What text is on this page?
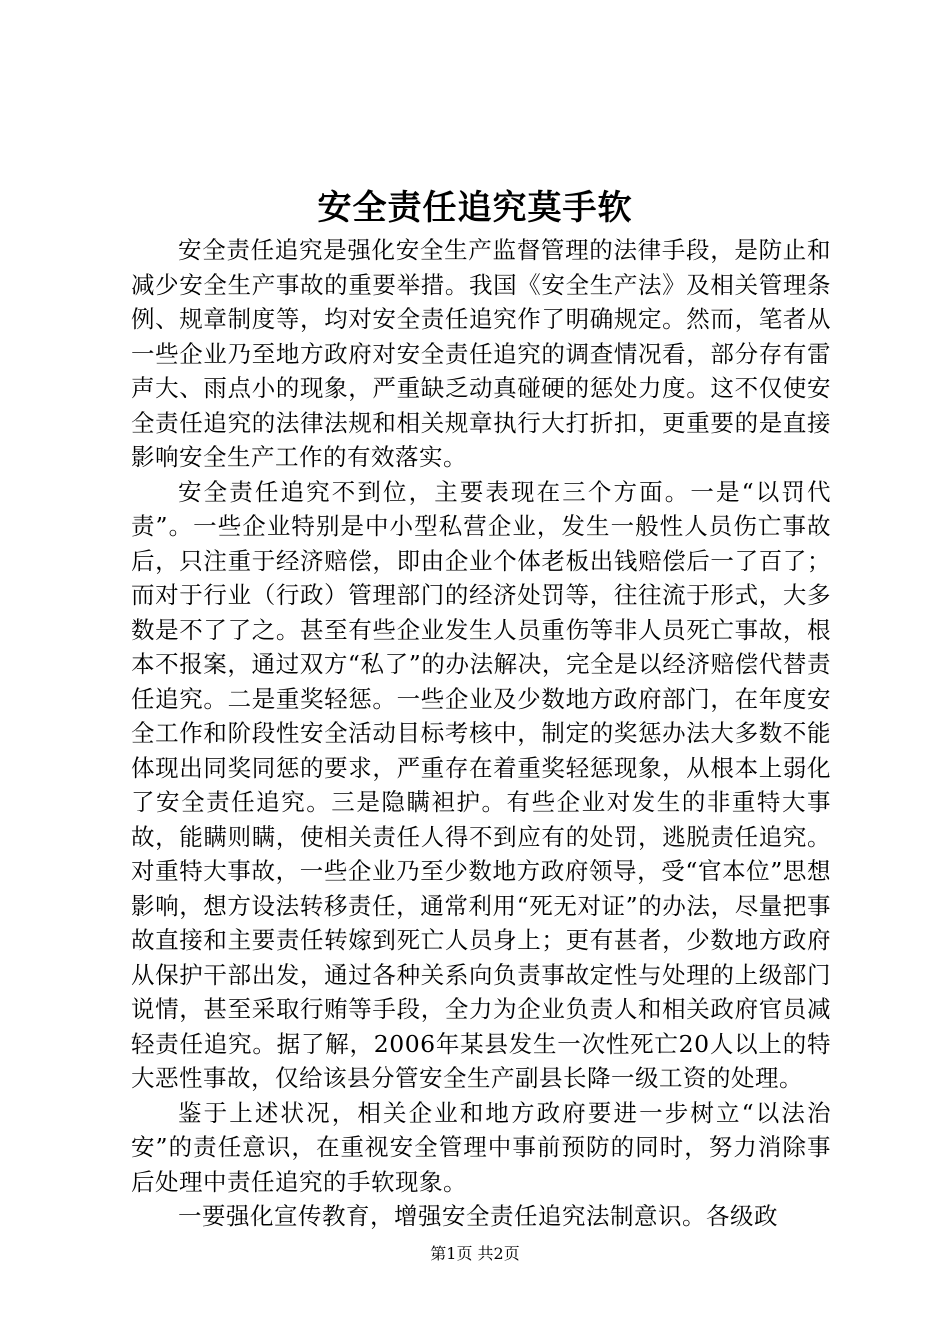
安全责任追究莫手软

安全责任追究是强化安全生产监督管理的法律手段，是防止和减少安全生产事故的重要举措。我国《安全生产法》及相关管理条例、规章制度等，均对安全责任追究作了明确规定。然而，笔者从一些企业乃至地方政府对安全责任追究的调查情况看，部分存有雷声大、雨点小的现象，严重缺乏动真碰硬的惩处力度。这不仅使安全责任追究的法律法规和相关规章执行大打折扣，更重要的是直接影响安全生产工作的有效落实。

安全责任追究不到位，主要表现在三个方面。一是“以罚代责”。一些企业特别是中小型私营企业，发生一般性人员伤亡事故后，只注重于经济赔偿，即由企业个体老板出钱赔偿后一了百了；而对于行业（行政）管理部门的经济处罚等，往往流于形式，大多数是不了了之。甚至有些企业发生人员重伤等非人员死亡事故，根本不报案，通过双方“私了”的办法解决，完全是以经济赔偿代替责任追究。二是重奖轻惩。一些企业及少数地方政府部门，在年度安全工作和阶段性安全活动目标考核中，制定的奖惩办法大多数不能体现出同奖同惩的要求，严重存在着重奖轻惩现象，从根本上弱化了安全责任追究。三是隐瞒袒护。有些企业对发生的非重特大事故，能瞒则瞒，使相关责任人得不到应有的处罚，逃脱责任追究。对重特大事故，一些企业乃至少数地方政府领导，受“官本位”思想影响，想方设法转移责任，通常利用“死无对证”的办法，尽量把事故直接和主要责任转嫁到死亡人员身上；更有甚者，少数地方政府从保护干部出发，通过各种关系向负责事故定性与处理的上级部门说情，甚至采取行贿等手段，全力为企业负责人和相关政府官员减轻责任追究。据了解，2006年某县发生一次性死亡20人以上的特大恶性事故，仅给该县分管安全生产副县长降一级工资的处理。

鉴于上述状况，相关企业和地方政府要进一步树立“以法治安”的责任意识，在重视安全管理中事前预防的同时，努力消除事后处理中责任追究的手软现象。

一要强化宣传教育，增强安全责任追究法制意识。各级政

第1页 共2页
